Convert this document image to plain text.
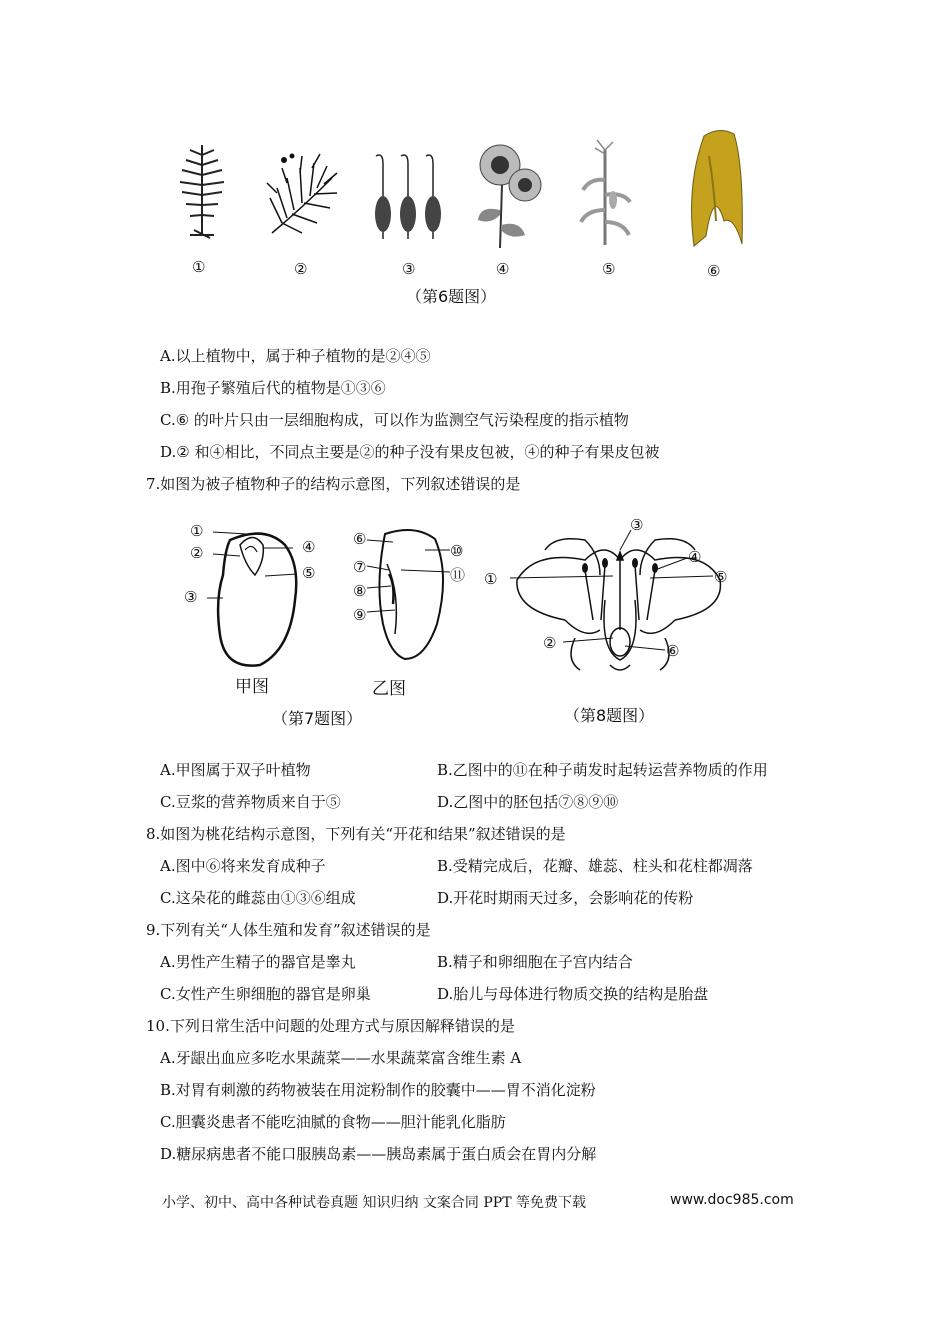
①	②	③	④	⑤	⑥
（第6题图）
A.以上植物中，属于种子植物的是②④⑤
B.用孢子繁殖后代的植物是①③⑥
C.⑥ 的叶片只由一层细胞构成，可以作为监测空气污染程度的指示植物
D.② 和④相比，不同点主要是②的种子没有果皮包被，④的种子有果皮包被
7.如图为被子植物种子的结构示意图，下列叙述错误的是
①
②
③
④
⑤
⑥
⑦
⑧
⑨
⑩
⑪
甲图	乙图
（第7题图）
①
②
③
④
⑤
⑥
（第8题图）
A.甲图属于双子叶植物	B.乙图中的⑪在种子萌发时起转运营养物质的作用
C.豆浆的营养物质来自于⑤	D.乙图中的胚包括⑦⑧⑨⑩
8.如图为桃花结构示意图，下列有关“开花和结果”叙述错误的是
A.图中⑥将来发育成种子	B.受精完成后，花瓣、雄蕊、柱头和花柱都凋落
C.这朵花的雌蕊由①③⑥组成	D.开花时期雨天过多，会影响花的传粉
9.下列有关“人体生殖和发育”叙述错误的是
A.男性产生精子的器官是睾丸	B.精子和卵细胞在子宫内结合
C.女性产生卵细胞的器官是卵巢	D.胎儿与母体进行物质交换的结构是胎盘
10.下列日常生活中问题的处理方式与原因解释错误的是
A.牙龈出血应多吃水果蔬菜——水果蔬菜富含维生素 A
B.对胃有刺激的药物被装在用淀粉制作的胶囊中——胃不消化淀粉
C.胆囊炎患者不能吃油腻的食物——胆汁能乳化脂肪
D.糖尿病患者不能口服胰岛素——胰岛素属于蛋白质会在胃内分解
小学、初中、高中各种试卷真题 知识归纳 文案合同 PPT 等免费下载	www.doc985.com
